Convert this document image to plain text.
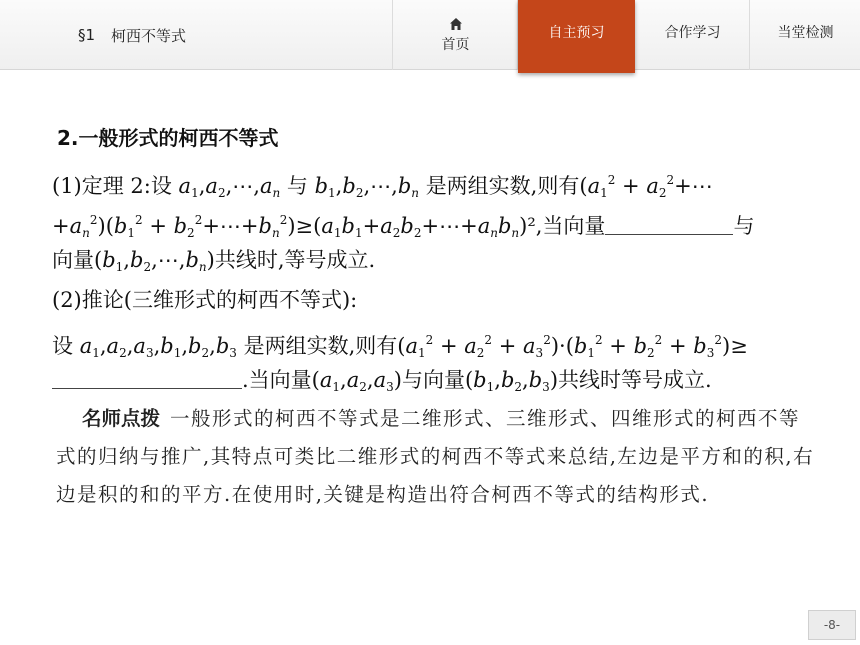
§1 柯西不等式	首页
自主预习	合作学习	当堂检测
2.一般形式的柯西不等式
(1)定理 2:设 $a_1,a_2,\cdots,a_n$ 与 $b_1,b_2,\cdots,b_n$ 是两组实数,则有($a_1^2$ + $a_2^2+\cdots$
$+a_n^2)(b_1^2$ + $b_2^2+\cdots+b_n^2)\ge(a_1b_1+a_2b_2+\cdots+a_nb_n)^2$,当向量	与
向量$(b_1,b_2,\cdots,b_n)$共线时,等号成立.
(2)推论(三维形式的柯西不等式):
设 $a_1,a_2,a_3,b_1,b_2,b_3$ 是两组实数,则有$(a_1^2 + a_2^2 + a_3^2)\cdot(b_1^2 + b_2^2 + b_3^2)\ge$
.当向量$(a_1,a_2,a_3)$与向量$(b_1,b_2,b_3)$共线时等号成立.
名师点拨 一般形式的柯西不等式是二维形式、三维形式、四维形式的柯西不等式的归纳与推广,其特点可类比二维形式的柯西不等式来总结,左边是平方和的积,右边是积的和的平方.在使用时,关键是构造出符合柯西不等式的结构形式.
-8-
